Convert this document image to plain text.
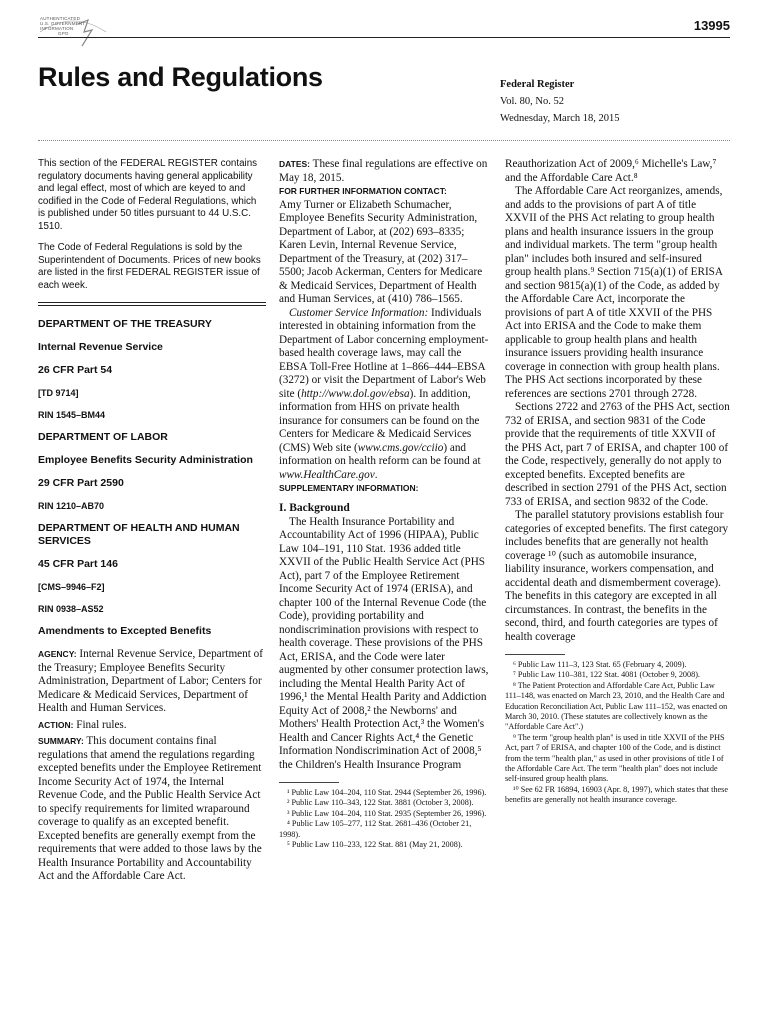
AUTHENTICATED
U.S. GOVERNMENT
INFORMATION
GPO
13995
Rules and Regulations	Federal Register
Vol. 80, No. 52
Wednesday, March 18, 2015

This section of the FEDERAL REGISTER contains regulatory documents having general applicability and legal effect, most of which are keyed to and codified in the Code of Federal Regulations, which is published under 50 titles pursuant to 44 U.S.C. 1510.

The Code of Federal Regulations is sold by the Superintendent of Documents. Prices of new books are listed in the first FEDERAL REGISTER issue of each week.

DEPARTMENT OF THE TREASURY

Internal Revenue Service

26 CFR Part 54

[TD 9714]

RIN 1545–BM44

DEPARTMENT OF LABOR

Employee Benefits Security Administration

29 CFR Part 2590

RIN 1210–AB70

DEPARTMENT OF HEALTH AND HUMAN SERVICES

45 CFR Part 146

[CMS–9946–F2]

RIN 0938–AS52

Amendments to Excepted Benefits

AGENCY: Internal Revenue Service, Department of the Treasury; Employee Benefits Security Administration, Department of Labor; Centers for Medicare & Medicaid Services, Department of Health and Human Services.

ACTION: Final rules.

SUMMARY: This document contains final regulations that amend the regulations regarding excepted benefits under the Employee Retirement Income Security Act of 1974, the Internal Revenue Code, and the Public Health Service Act to specify requirements for limited wraparound coverage to qualify as an excepted benefit. Excepted benefits are generally exempt from the requirements that were added to those laws by the Health Insurance Portability and Accountability Act and the Affordable Care Act.

DATES: These final regulations are effective on May 18, 2015.

FOR FURTHER INFORMATION CONTACT:
Amy Turner or Elizabeth Schumacher, Employee Benefits Security Administration, Department of Labor, at (202) 693–8335; Karen Levin, Internal Revenue Service, Department of the Treasury, at (202) 317–5500; Jacob Ackerman, Centers for Medicare & Medicaid Services, Department of Health and Human Services, at (410) 786–1565.

Customer Service Information: Individuals interested in obtaining information from the Department of Labor concerning employment-based health coverage laws, may call the EBSA Toll-Free Hotline at 1–866–444–EBSA (3272) or visit the Department of Labor's Web site (http://www.dol.gov/ebsa). In addition, information from HHS on private health insurance for consumers can be found on the Centers for Medicare & Medicaid Services (CMS) Web site (www.cms.gov/cciio) and information on health reform can be found at www.HealthCare.gov.

SUPPLEMENTARY INFORMATION:

I. Background

The Health Insurance Portability and Accountability Act of 1996 (HIPAA), Public Law 104–191, 110 Stat. 1936 added title XXVII of the Public Health Service Act (PHS Act), part 7 of the Employee Retirement Income Security Act of 1974 (ERISA), and chapter 100 of the Internal Revenue Code (the Code), providing portability and nondiscrimination provisions with respect to health coverage. These provisions of the PHS Act, ERISA, and the Code were later augmented by other consumer protection laws, including the Mental Health Parity Act of 1996,¹ the Mental Health Parity and Addiction Equity Act of 2008,² the Newborns' and Mothers' Health Protection Act,³ the Women's Health and Cancer Rights Act,⁴ the Genetic Information Nondiscrimination Act of 2008,⁵ the Children's Health Insurance Program

¹ Public Law 104–204, 110 Stat. 2944 (September 26, 1996).

² Public Law 110–343, 122 Stat. 3881 (October 3, 2008).

³ Public Law 104–204, 110 Stat. 2935 (September 26, 1996).

⁴ Public Law 105–277, 112 Stat. 2681–436 (October 21, 1998).

⁵ Public Law 110–233, 122 Stat. 881 (May 21, 2008).

Reauthorization Act of 2009,⁶ Michelle's Law,⁷ and the Affordable Care Act.⁸

The Affordable Care Act reorganizes, amends, and adds to the provisions of part A of title XXVII of the PHS Act relating to group health plans and health insurance issuers in the group and individual markets. The term "group health plan" includes both insured and self-insured group health plans.⁹ Section 715(a)(1) of ERISA and section 9815(a)(1) of the Code, as added by the Affordable Care Act, incorporate the provisions of part A of title XXVII of the PHS Act into ERISA and the Code to make them applicable to group health plans and health insurance issuers providing health insurance coverage in connection with group health plans. The PHS Act sections incorporated by these references are sections 2701 through 2728.

Sections 2722 and 2763 of the PHS Act, section 732 of ERISA, and section 9831 of the Code provide that the requirements of title XXVII of the PHS Act, part 7 of ERISA, and chapter 100 of the Code, respectively, generally do not apply to excepted benefits. Excepted benefits are described in section 2791 of the PHS Act, section 733 of ERISA, and section 9832 of the Code.

The parallel statutory provisions establish four categories of excepted benefits. The first category includes benefits that are generally not health coverage ¹⁰ (such as automobile insurance, liability insurance, workers compensation, and accidental death and dismemberment coverage). The benefits in this category are excepted in all circumstances. In contrast, the benefits in the second, third, and fourth categories are types of health coverage

⁶ Public Law 111–3, 123 Stat. 65 (February 4, 2009).

⁷ Public Law 110–381, 122 Stat. 4081 (October 9, 2008).

⁸ The Patient Protection and Affordable Care Act, Public Law 111–148, was enacted on March 23, 2010, and the Health Care and Education Reconciliation Act, Public Law 111–152, was enacted on March 30, 2010. (These statutes are collectively known as the "Affordable Care Act".)

⁹ The term "group health plan" is used in title XXVII of the PHS Act, part 7 of ERISA, and chapter 100 of the Code, and is distinct from the term "health plan," as used in other provisions of title I of the Affordable Care Act. The term "health plan" does not include self-insured group health plans.

¹⁰ See 62 FR 16894, 16903 (Apr. 8, 1997), which states that these benefits are generally not health insurance coverage.
